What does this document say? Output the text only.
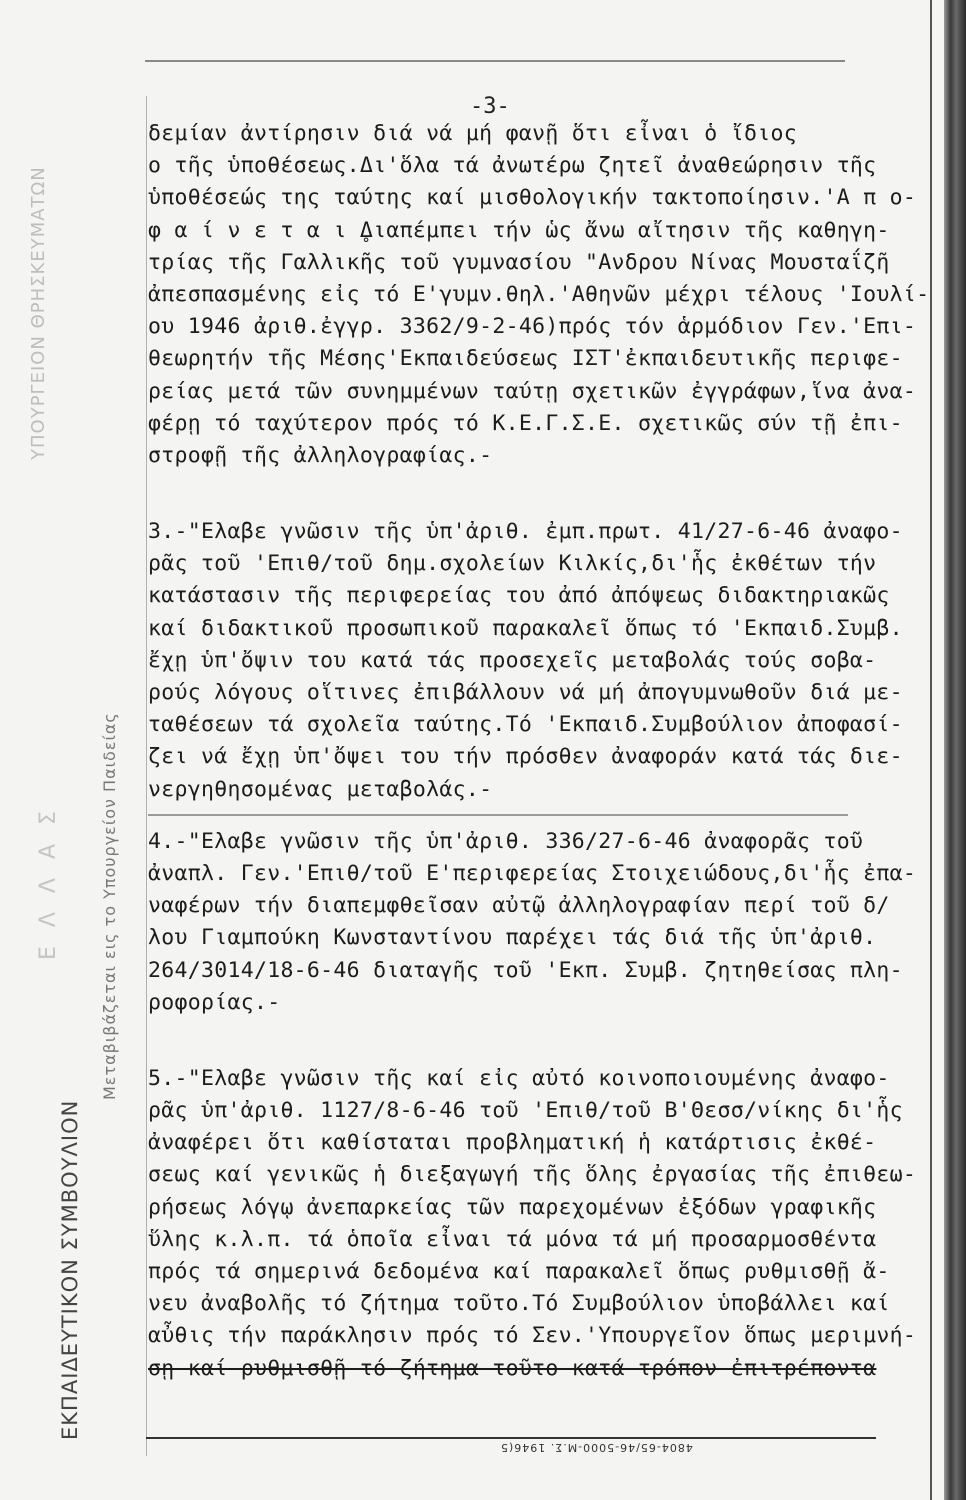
ΥΠΟΥΡΓΕΙΟΝ ΘΡΗΣΚΕΥΜΑΤΩΝ
Ε Λ Λ Α Σ
ΕΚΠΑΙΔΕΥΤΙΚΟΝ ΣΥΜΒΟΥΛΙΟΝ
Μεταβιβάζεται εις το Υπουργείον Παιδείας
-3-
δεμίαν ἀντίρησιν διά νά μή φανῇ ὅτι εἶναι ὁ ἴδιος
ο τῆς ὑποθέσεως.Δι'ὅλα τά ἀνωτέρω ζητεῖ ἀναθεώρησιν τῆς
ὑποθέσεώς της ταύτης καί μισθολογικήν τακτοποίησιν.'Α π ο-
φ α ί ν ε τ α ι ̥Διαπέμπει τήν ὡς ἄνω αἴτησιν τῆς καθηγη-
τρίας τῆς Γαλλικῆς τοῦ γυμνασίου "Ανδρου Νίνας Μουσταΐζῆ
ἀπεσπασμένης εἰς τό Ε'γυμν.θηλ.'Αθηνῶν μέχρι τέλους 'Ιουλί-
ου 1946 ἀριθ.ἐγγρ. 3362/9-2-46)πρός τόν ἁρμόδιον Γεν.'Επι-
θεωρητήν τῆς Μέσης'Εκπαιδεύσεως ΙΣΤ'ἐκπαιδευτικῆς περιφε-
ρείας μετά τῶν συνημμένων ταύτῃ σχετικῶν ἐγγράφων,ἵνα ἀνα-
φέρῃ τό ταχύτερον πρός τό Κ.Ε.Γ.Σ.Ε. σχετικῶς σύν τῇ ἐπι-
στροφῇ τῆς ἀλληλογραφίας.-
3.-"Ελαβε γνῶσιν τῆς ὑπ'ἀριθ. ἐμπ.πρωτ. 41/27-6-46 ἀναφο-
ρᾶς τοῦ 'Επιθ/τοῦ δημ.σχολείων Κιλκίς,δι'ἧς ἐκθέτων τήν
κατάστασιν τῆς περιφερείας του ἀπό ἀπόψεως διδακτηριακῶς
καί διδακτικοῦ προσωπικοῦ παρακαλεῖ ὅπως τό 'Εκπαιδ.Συμβ.
ἔχῃ ὑπ'ὄψιν του κατά τάς προσεχεῖς μεταβολάς τούς σοβα-
ρούς λόγους οἵτινες ἐπιβάλλουν νά μή ἀπογυμνωθοῦν διά με-
ταθέσεων τά σχολεῖα ταύτης.Τό 'Εκπαιδ.Συμβούλιον ἀποφασί-
ζει νά ἔχῃ ὑπ'ὄψει του τήν πρόσθεν ἀναφοράν κατά τάς διε-
νεργηθησομένας μεταβολάς.-
4.-"Ελαβε γνῶσιν τῆς ὑπ'ἀριθ. 336/27-6-46 ἀναφορᾶς τοῦ
ἀναπλ. Γεν.'Επιθ/τοῦ Ε'περιφερείας Στοιχειώδους,δι'ἧς ἐπα-
ναφέρων τήν διαπεμφθεῖσαν αὐτῷ ἀλληλογραφίαν περί τοῦ δ/
λου Γιαμπούκη Κωνσταντίνου παρέχει τάς διά τῆς ὑπ'ἀριθ.
264/3014/18-6-46 διαταγῆς τοῦ 'Εκπ. Συμβ. ζητηθείσας πλη-
ροφορίας.-
5.-"Ελαβε γνῶσιν τῆς καί εἰς αὐτό κοινοποιουμένης ἀναφο-
ρᾶς ὑπ'ἀριθ. 1127/8-6-46 τοῦ 'Επιθ/τοῦ Β'Θεσσ/νίκης δι'ἧς
ἀναφέρει ὅτι καθίσταται προβληματική ἡ κατάρτισις ἐκθέ-
σεως καί γενικῶς ἡ διεξαγωγή τῆς ὅλης ἐργασίας τῆς ἐπιθεω-
ρήσεως λόγῳ ἀνεπαρκείας τῶν παρεχομένων ἐξόδων γραφικῆς
ὕλης κ.λ.π. τά ὁποῖα εἶναι τά μόνα τά μή προσαρμοσθέντα
πρός τά σημερινά δεδομένα καί παρακαλεῖ ὅπως ρυθμισθῇ ἄ-
νευ ἀναβολῆς τό ζήτημα τοῦτο.Τό Συμβούλιον ὑποβάλλει καί
αὖθις τήν παράκλησιν πρός τό Σεν.'Υπουργεῖον ὅπως μεριμνή-
σῃ καί ρυθμισθῇ τό ζήτημα τοῦτο κατά τρόπον ἐπιτρέποντα
4804-65/46-5000-Μ.Σ. 1946(5
